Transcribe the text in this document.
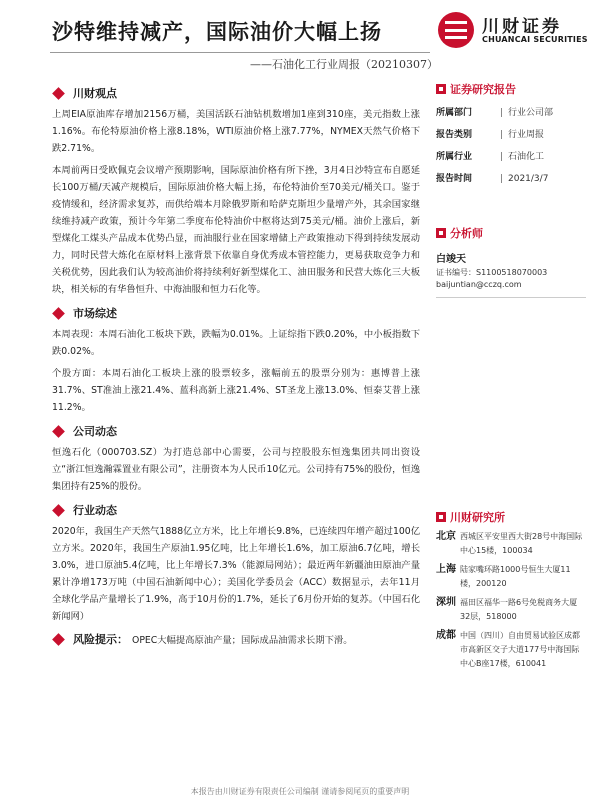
沙特维持减产，国际油价大幅上扬
——石油化工行业周报（20210307）
川财证券
CHUANCAI SECURITIES
川财观点

上周EIA原油库存增加2156万桶，美国活跃石油钻机数增加1座到310座，美元指数上涨1.16%。布伦特原油价格上涨8.18%，WTI原油价格上涨7.77%，NYMEX天然气价格下跌2.71%。

本周前两日受欧佩克会议增产预期影响，国际原油价格有所下挫，3月4日沙特宣布自愿延长100万桶/天减产规模后，国际原油价格大幅上扬，布伦特油价至70美元/桶关口。鉴于疫情缓和，经济需求复苏，而供给端本月除俄罗斯和哈萨克斯坦少量增产外，其余国家继续维持减产政策，预计今年第二季度布伦特油价中枢将达到75美元/桶。油价上涨后，新型煤化工煤头产品成本优势凸显，而油服行业在国家增储上产政策推动下得到持续发展动力，同时民营大炼化在原材料上涨背景下依靠自身优秀成本管控能力，更易获取竞争力和关税优势，因此我们认为较高油价将持续利好新型煤化工、油田服务和民营大炼化三大板块，相关标的有华鲁恒升、中海油服和恒力石化等。

市场综述

本周表现：本周石油化工板块下跌，跌幅为0.01%。上证综指下跌0.20%，中小板指数下跌0.02%。

个股方面：本周石油化工板块上涨的股票较多，涨幅前五的股票分别为：惠博普上涨31.7%、ST准油上涨21.4%、蓝科高新上涨21.4%、ST圣龙上涨13.0%、恒泰艾普上涨11.2%。

公司动态

恒逸石化（000703.SZ）为打造总部中心需要，公司与控股股东恒逸集团共同出资设立“浙江恒逸瀚霖置业有限公司”，注册资本为人民币10亿元。公司持有75%的股份，恒逸集团持有25%的股份。

行业动态

2020年，我国生产天然气1888亿立方米，比上年增长9.8%，已连续四年增产超过100亿立方米。2020年，我国生产原油1.95亿吨，比上年增长1.6%，加工原油6.7亿吨，增长3.0%，进口原油5.4亿吨，比上年增长7.3%（能源局网站）；最近两年新疆油田原油产量累计净增173万吨（中国石油新闻中心）；美国化学委员会（ACC）数据显示，去年11月全球化学品产量增长了1.9%，高于10月份的1.7%，延长了6月份开始的复苏。（中国石化新闻网）

风险提示： OPEC大幅提高原油产量；国际成品油需求长期下滑。
证券研究报告
所属部门	| 行业公司部
报告类别	| 行业周报
所属行业	| 石油化工
报告时间	| 2021/3/7
分析师
白竣天
证书编号：S1100518070003
baijuntian@cczq.com
川财研究所
北京 西城区平安里西大街28号中海国际中心15楼，100034
上海 陆家嘴环路1000号恒生大厦11楼，200120
深圳 福田区福华一路6号免税商务大厦32层，518000
成都 中国（四川）自由贸易试验区成都市高新区交子大道177号中海国际中心B座17楼，610041
本报告由川财证券有限责任公司编制 谨请参阅尾页的重要声明
